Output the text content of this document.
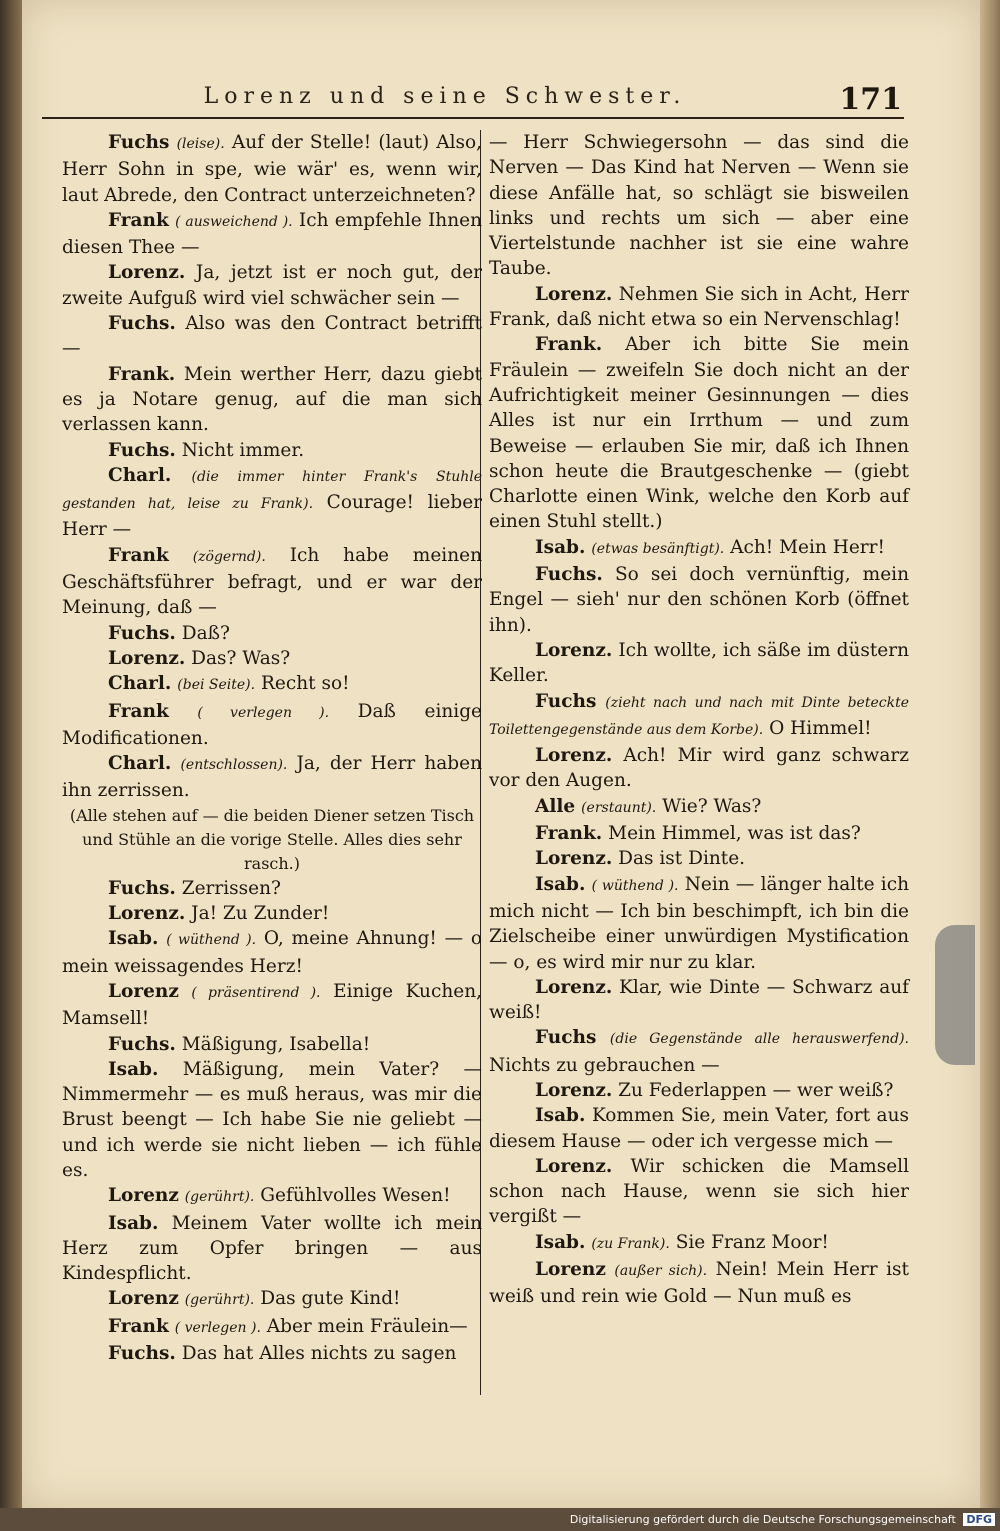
Lorenz und seine Schwester.	171

Fuchs (leise). Auf der Stelle! (laut) Also, Herr Sohn in spe, wie wär' es, wenn wir, laut Abrede, den Contract unterzeichneten?

Frank ( ausweichend ). Ich empfehle Ihnen diesen Thee —

Lorenz. Ja, jetzt ist er noch gut, der zweite Aufguß wird viel schwächer sein —

Fuchs. Also was den Contract betrifft —

Frank. Mein werther Herr, dazu giebt es ja Notare genug, auf die man sich verlassen kann.

Fuchs. Nicht immer.

Charl. (die immer hinter Frank's Stuhle gestanden hat, leise zu Frank). Courage! lieber Herr —

Frank (zögernd). Ich habe meinen Geschäftsführer befragt, und er war der Meinung, daß —

Fuchs. Daß?

Lorenz. Das? Was?

Charl. (bei Seite). Recht so!

Frank ( verlegen ). Daß einige Modificationen.

Charl. (entschlossen). Ja, der Herr haben ihn zerrissen.

(Alle stehen auf — die beiden Diener setzen Tisch und Stühle an die vorige Stelle. Alles dies sehr rasch.)

Fuchs. Zerrissen?

Lorenz. Ja! Zu Zunder!

Isab. ( wüthend ). O, meine Ahnung! — o mein weissagendes Herz!

Lorenz ( präsentirend ). Einige Kuchen, Mamsell!

Fuchs. Mäßigung, Isabella!

Isab. Mäßigung, mein Vater? — Nimmermehr — es muß heraus, was mir die Brust beengt — Ich habe Sie nie geliebt — und ich werde sie nicht lieben — ich fühle es.

Lorenz (gerührt). Gefühlvolles Wesen!

Isab. Meinem Vater wollte ich mein Herz zum Opfer bringen — aus Kindespflicht.

Lorenz (gerührt). Das gute Kind!

Frank ( verlegen ). Aber mein Fräulein—

Fuchs. Das hat Alles nichts zu sagen

— Herr Schwiegersohn — das sind die Nerven — Das Kind hat Nerven — Wenn sie diese Anfälle hat, so schlägt sie bisweilen links und rechts um sich — aber eine Viertelstunde nachher ist sie eine wahre Taube.

Lorenz. Nehmen Sie sich in Acht, Herr Frank, daß nicht etwa so ein Nervenschlag!

Frank. Aber ich bitte Sie mein Fräulein — zweifeln Sie doch nicht an der Aufrichtigkeit meiner Gesinnungen — dies Alles ist nur ein Irrthum — und zum Beweise — erlauben Sie mir, daß ich Ihnen schon heute die Brautgeschenke — (giebt Charlotte einen Wink, welche den Korb auf einen Stuhl stellt.)

Isab. (etwas besänftigt). Ach! Mein Herr!

Fuchs. So sei doch vernünftig, mein Engel — sieh' nur den schönen Korb (öffnet ihn).

Lorenz. Ich wollte, ich säße im düstern Keller.

Fuchs (zieht nach und nach mit Dinte beteckte Toilettengegenstände aus dem Korbe). O Himmel!

Lorenz. Ach! Mir wird ganz schwarz vor den Augen.

Alle (erstaunt). Wie? Was?

Frank. Mein Himmel, was ist das?

Lorenz. Das ist Dinte.

Isab. ( wüthend ). Nein — länger halte ich mich nicht — Ich bin beschimpft, ich bin die Zielscheibe einer unwürdigen Mystification — o, es wird mir nur zu klar.

Lorenz. Klar, wie Dinte — Schwarz auf weiß!

Fuchs (die Gegenstände alle herauswerfend). Nichts zu gebrauchen —

Lorenz. Zu Federlappen — wer weiß?

Isab. Kommen Sie, mein Vater, fort aus diesem Hause — oder ich vergesse mich —

Lorenz. Wir schicken die Mamsell schon nach Hause, wenn sie sich hier vergißt —

Isab. (zu Frank). Sie Franz Moor!

Lorenz (außer sich). Nein! Mein Herr ist weiß und rein wie Gold — Nun muß es

Digitalisierung gefördert durch die Deutsche Forschungsgemeinschaft DFG
